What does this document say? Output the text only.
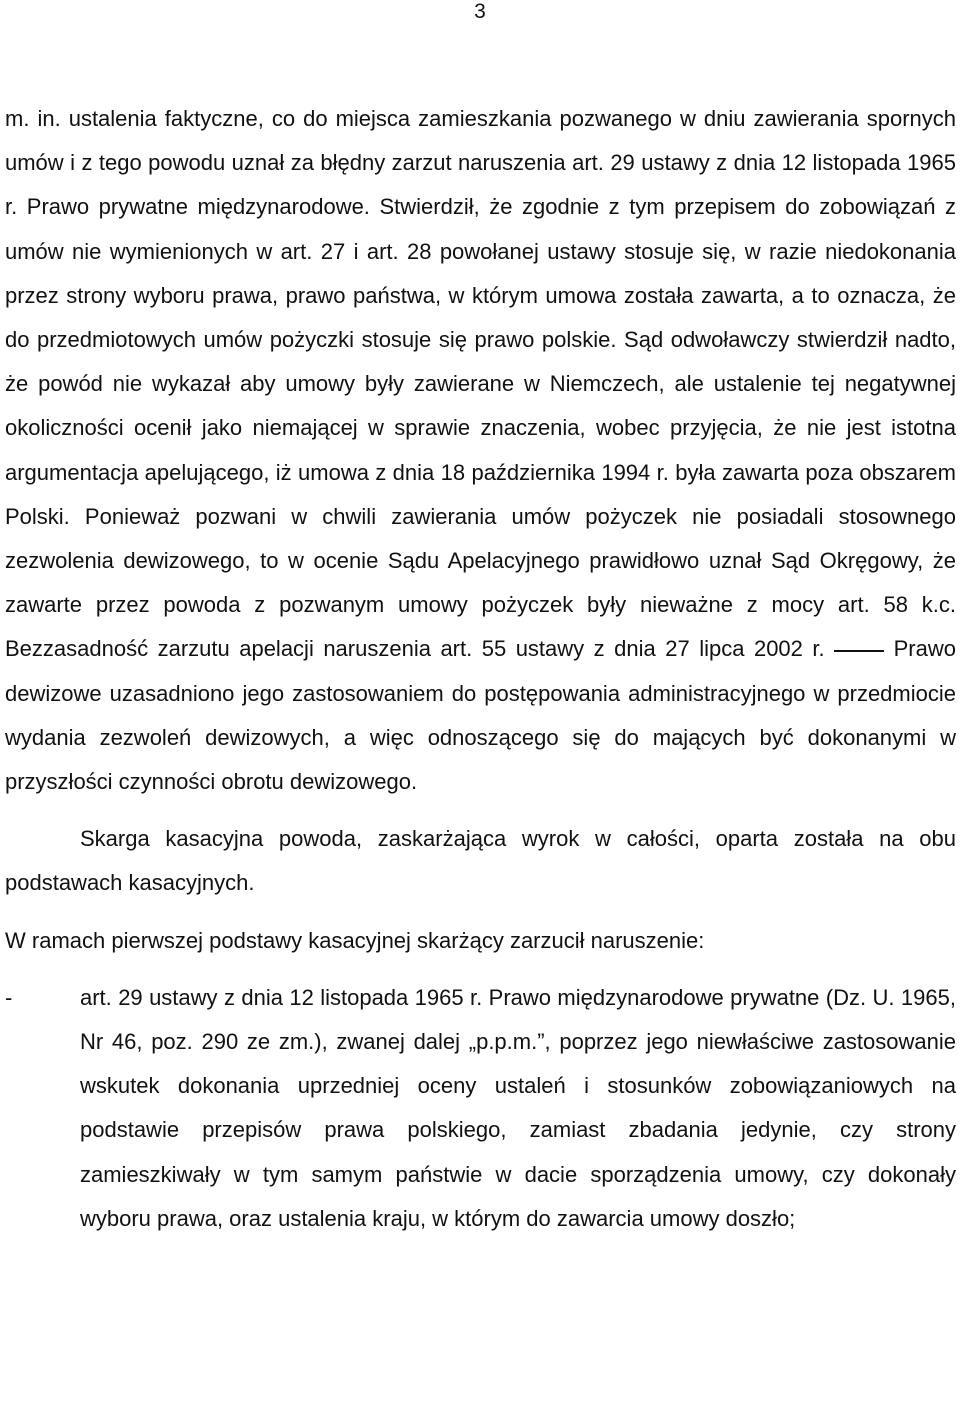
3

m. in. ustalenia faktyczne, co do miejsca zamieszkania pozwanego w dniu zawierania spornych umów i z tego powodu uznał za błędny zarzut naruszenia art. 29 ustawy z dnia 12 listopada 1965 r. Prawo prywatne międzynarodowe. Stwierdził, że zgodnie z tym przepisem do zobowiązań z umów nie wymienionych w art. 27 i art. 28 powołanej ustawy stosuje się, w razie niedokonania przez strony wyboru prawa, prawo państwa, w którym umowa została zawarta, a to oznacza, że do przedmiotowych umów pożyczki stosuje się prawo polskie. Sąd odwoławczy stwierdził nadto, że powód nie wykazał aby umowy były zawierane w Niemczech, ale ustalenie tej negatywnej okoliczności ocenił jako niemającej w sprawie znaczenia, wobec przyjęcia, że nie jest istotna argumentacja apelującego, iż umowa z dnia 18 października 1994 r. była zawarta poza obszarem Polski. Ponieważ pozwani w chwili zawierania umów pożyczek nie posiadali stosownego zezwolenia dewizowego, to w ocenie Sądu Apelacyjnego prawidłowo uznał Sąd Okręgowy, że zawarte przez powoda z pozwanym umowy pożyczek były nieważne z mocy art. 58 k.c. Bezzasadność zarzutu apelacji naruszenia art. 55 ustawy z dnia 27 lipca 2002 r.	Prawo dewizowe uzasadniono jego zastosowaniem do postępowania administracyjnego w przedmiocie wydania zezwoleń dewizowych, a więc odnoszącego się do mających być dokonanymi w przyszłości czynności obrotu dewizowego.

Skarga kasacyjna powoda, zaskarżająca wyrok w całości, oparta została na obu podstawach kasacyjnych.

W ramach pierwszej podstawy kasacyjnej skarżący zarzucił naruszenie:

-	art. 29 ustawy z dnia 12 listopada 1965 r. Prawo międzynarodowe prywatne (Dz. U. 1965, Nr 46, poz. 290 ze zm.), zwanej dalej „p.p.m.”, poprzez jego niewłaściwe zastosowanie wskutek dokonania uprzedniej oceny ustaleń i stosunków zobowiązaniowych na podstawie przepisów prawa polskiego, zamiast zbadania jedynie, czy strony zamieszkiwały w tym samym państwie w dacie sporządzenia umowy, czy dokonały wyboru prawa, oraz ustalenia kraju, w którym do zawarcia umowy doszło;
